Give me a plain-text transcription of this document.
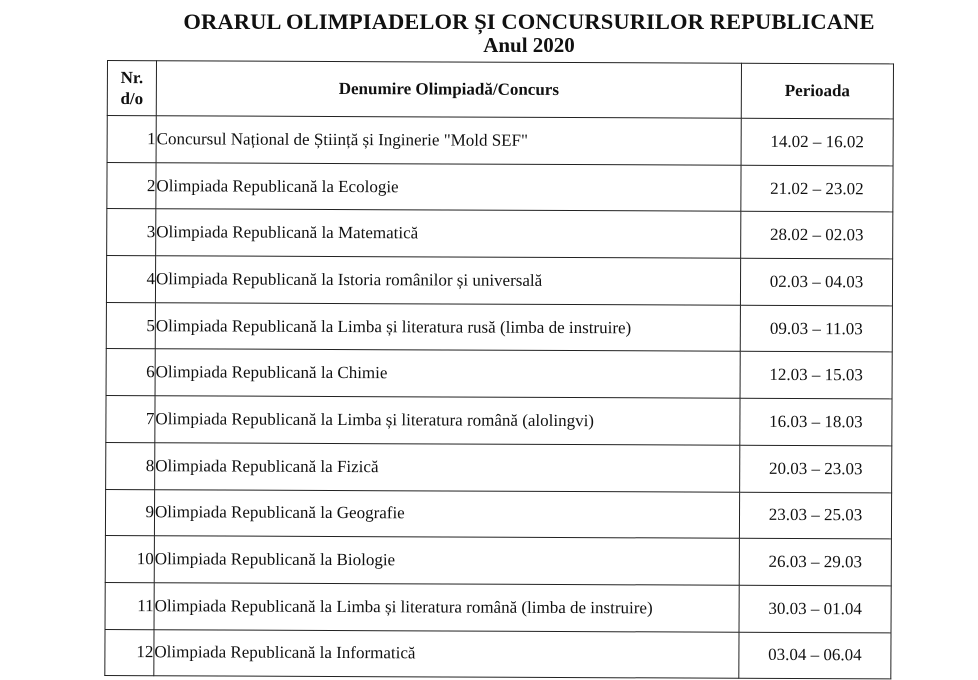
ORARUL OLIMPIADELOR ȘI CONCURSURILOR REPUBLICANE
Anul 2020
Nr.
d/o	Denumire Olimpiadă/Concurs	Perioada
1	Concursul Național de Știință și Inginerie "Mold SEF"	14.02 – 16.02
2	Olimpiada Republicană la Ecologie	21.02 – 23.02
3	Olimpiada Republicană la Matematică	28.02 – 02.03
4	Olimpiada Republicană la Istoria românilor și universală	02.03 – 04.03
5	Olimpiada Republicană la Limba și literatura rusă (limba de instruire)	09.03 – 11.03
6	Olimpiada Republicană la Chimie	12.03 – 15.03
7	Olimpiada Republicană la Limba și literatura română (alolingvi)	16.03 – 18.03
8	Olimpiada Republicană la Fizică	20.03 – 23.03
9	Olimpiada Republicană la Geografie	23.03 – 25.03
10	Olimpiada Republicană la Biologie	26.03 – 29.03
11	Olimpiada Republicană la Limba și literatura română (limba de instruire)	30.03 – 01.04
12	Olimpiada Republicană la Informatică	03.04 – 06.04
